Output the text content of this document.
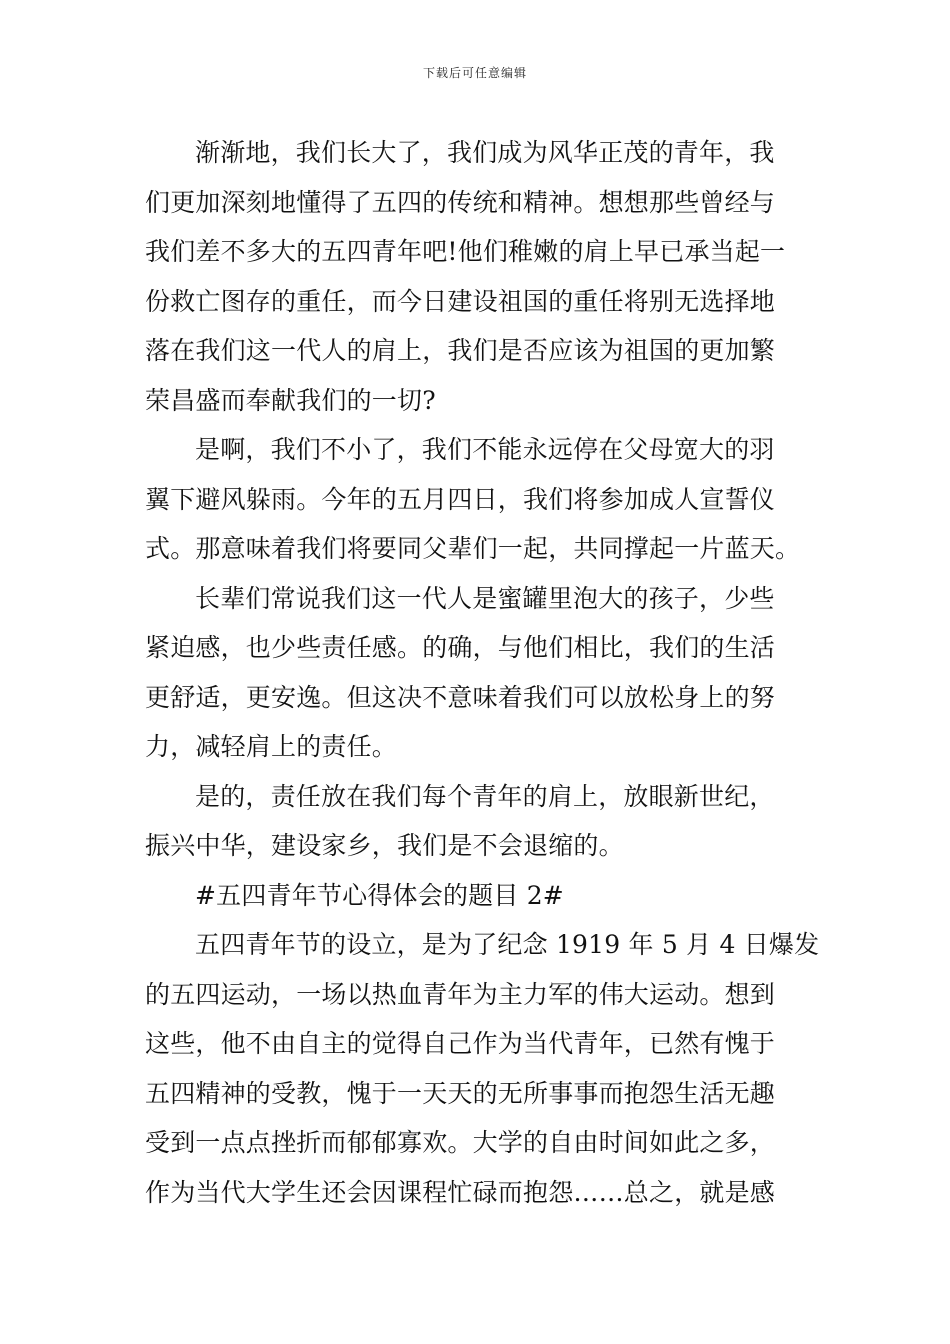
下载后可任意编辑
渐渐地，我们长大了，我们成为风华正茂的青年，我
们更加深刻地懂得了五四的传统和精神。想想那些曾经与
我们差不多大的五四青年吧!他们稚嫩的肩上早已承当起一
份救亡图存的重任，而今日建设祖国的重任将别无选择地
落在我们这一代人的肩上，我们是否应该为祖国的更加繁
荣昌盛而奉献我们的一切?
是啊，我们不小了，我们不能永远停在父母宽大的羽
翼下避风躲雨。今年的五月四日，我们将参加成人宣誓仪
式。那意味着我们将要同父辈们一起，共同撑起一片蓝天。
长辈们常说我们这一代人是蜜罐里泡大的孩子，少些
紧迫感，也少些责任感。的确，与他们相比，我们的生活
更舒适，更安逸。但这决不意味着我们可以放松身上的努
力，减轻肩上的责任。
是的，责任放在我们每个青年的肩上，放眼新世纪，
振兴中华，建设家乡，我们是不会退缩的。
#五四青年节心得体会的题目 2#
五四青年节的设立，是为了纪念 1919 年 5 月 4 日爆发
的五四运动，一场以热血青年为主力军的伟大运动。想到
这些，他不由自主的觉得自己作为当代青年，已然有愧于
五四精神的受教，愧于一天天的无所事事而抱怨生活无趣
受到一点点挫折而郁郁寡欢。大学的自由时间如此之多，
作为当代大学生还会因课程忙碌而抱怨……总之，就是感
